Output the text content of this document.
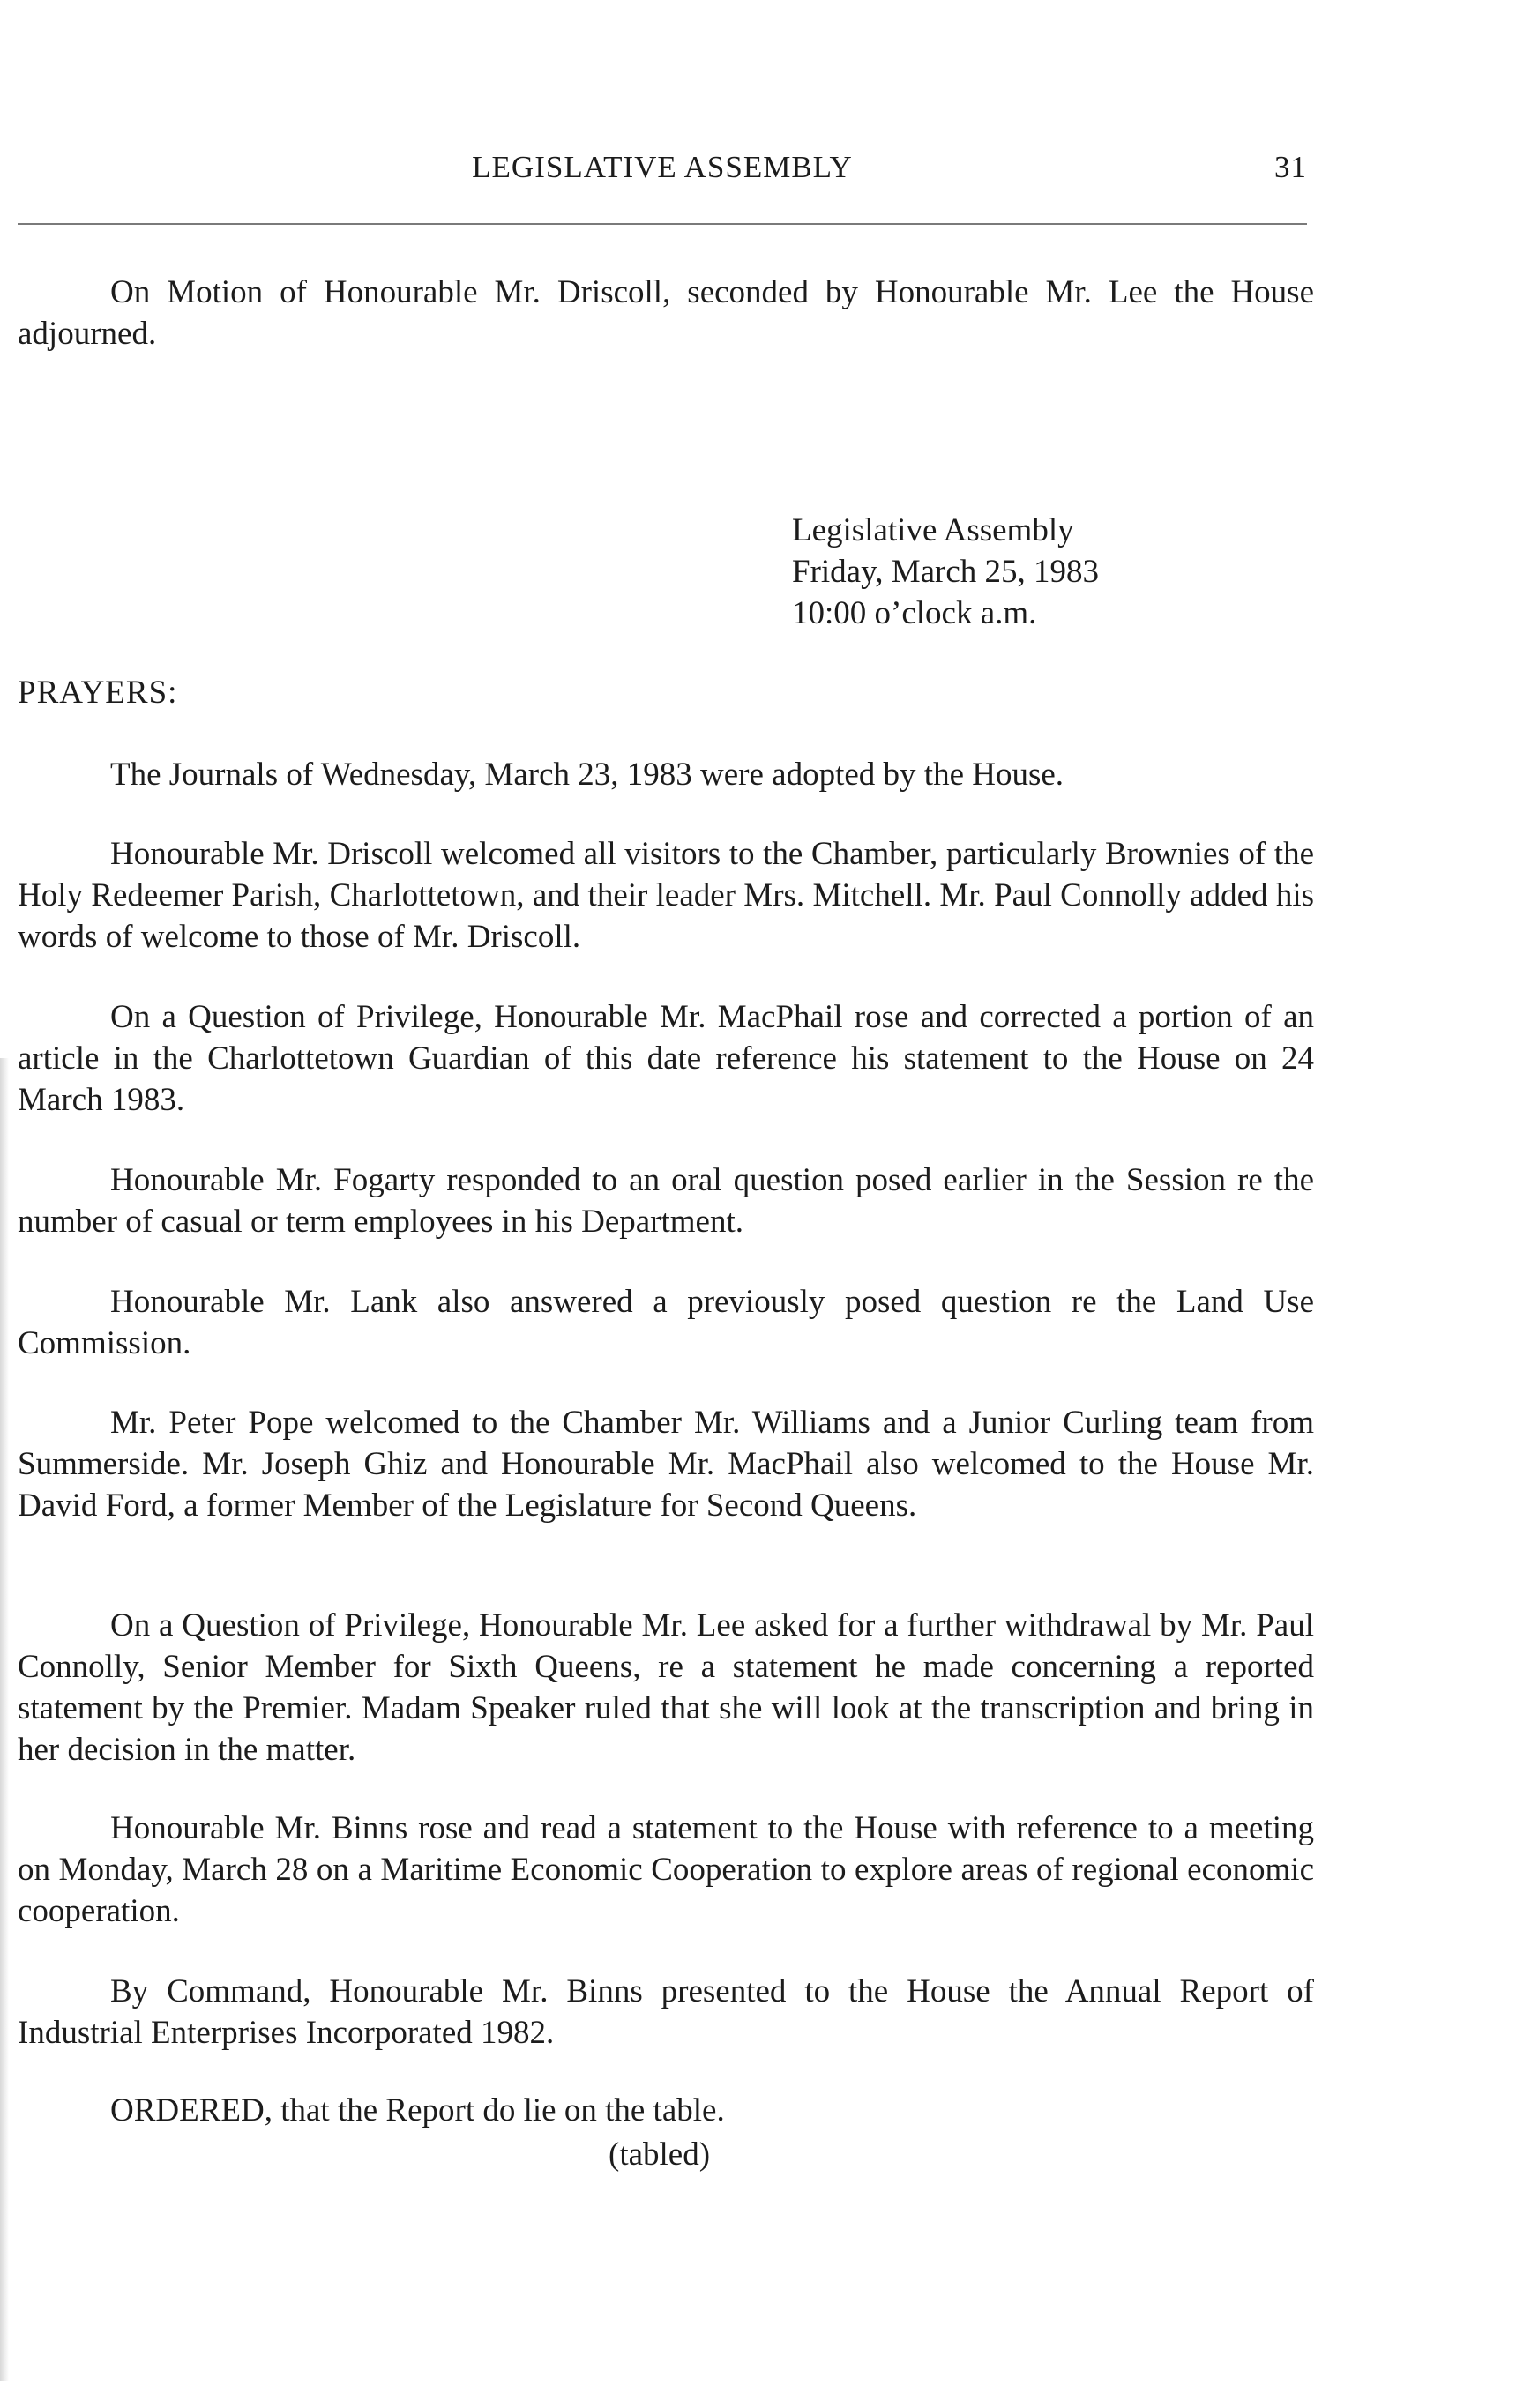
LEGISLATIVE ASSEMBLY	31

On Motion of Honourable Mr. Driscoll, seconded by Honourable Mr. Lee the House adjourned.

Legislative Assembly
Friday, March 25, 1983
10:00 o’clock a.m.
PRAYERS:

The Journals of Wednesday, March 23, 1983 were adopted by the House.

Honourable Mr. Driscoll welcomed all visitors to the Chamber, particularly Brownies of the Holy Redeemer Parish, Charlottetown, and their leader Mrs. Mitchell. Mr. Paul Connolly added his words of welcome to those of Mr. Driscoll.

On a Question of Privilege, Honourable Mr. MacPhail rose and corrected a portion of an article in the Charlottetown Guardian of this date reference his statement to the House on 24 March 1983.

Honourable Mr. Fogarty responded to an oral question posed earlier in the Session re the number of casual or term employees in his Department.

Honourable Mr. Lank also answered a previously posed question re the Land Use Commission.

Mr. Peter Pope welcomed to the Chamber Mr. Williams and a Junior Curling team from Summerside. Mr. Joseph Ghiz and Honourable Mr. MacPhail also welcomed to the House Mr. David Ford, a former Member of the Legislature for Second Queens.

On a Question of Privilege, Honourable Mr. Lee asked for a further withdrawal by Mr. Paul Connolly, Senior Member for Sixth Queens, re a statement he made concerning a reported statement by the Premier. Madam Speaker ruled that she will look at the transcription and bring in her decision in the matter.

Honourable Mr. Binns rose and read a statement to the House with reference to a meeting on Monday, March 28 on a Maritime Economic Cooperation to explore areas of regional economic cooperation.

By Command, Honourable Mr. Binns presented to the House the Annual Report of Industrial Enterprises Incorporated 1982.

ORDERED, that the Report do lie on the table.

(tabled)
